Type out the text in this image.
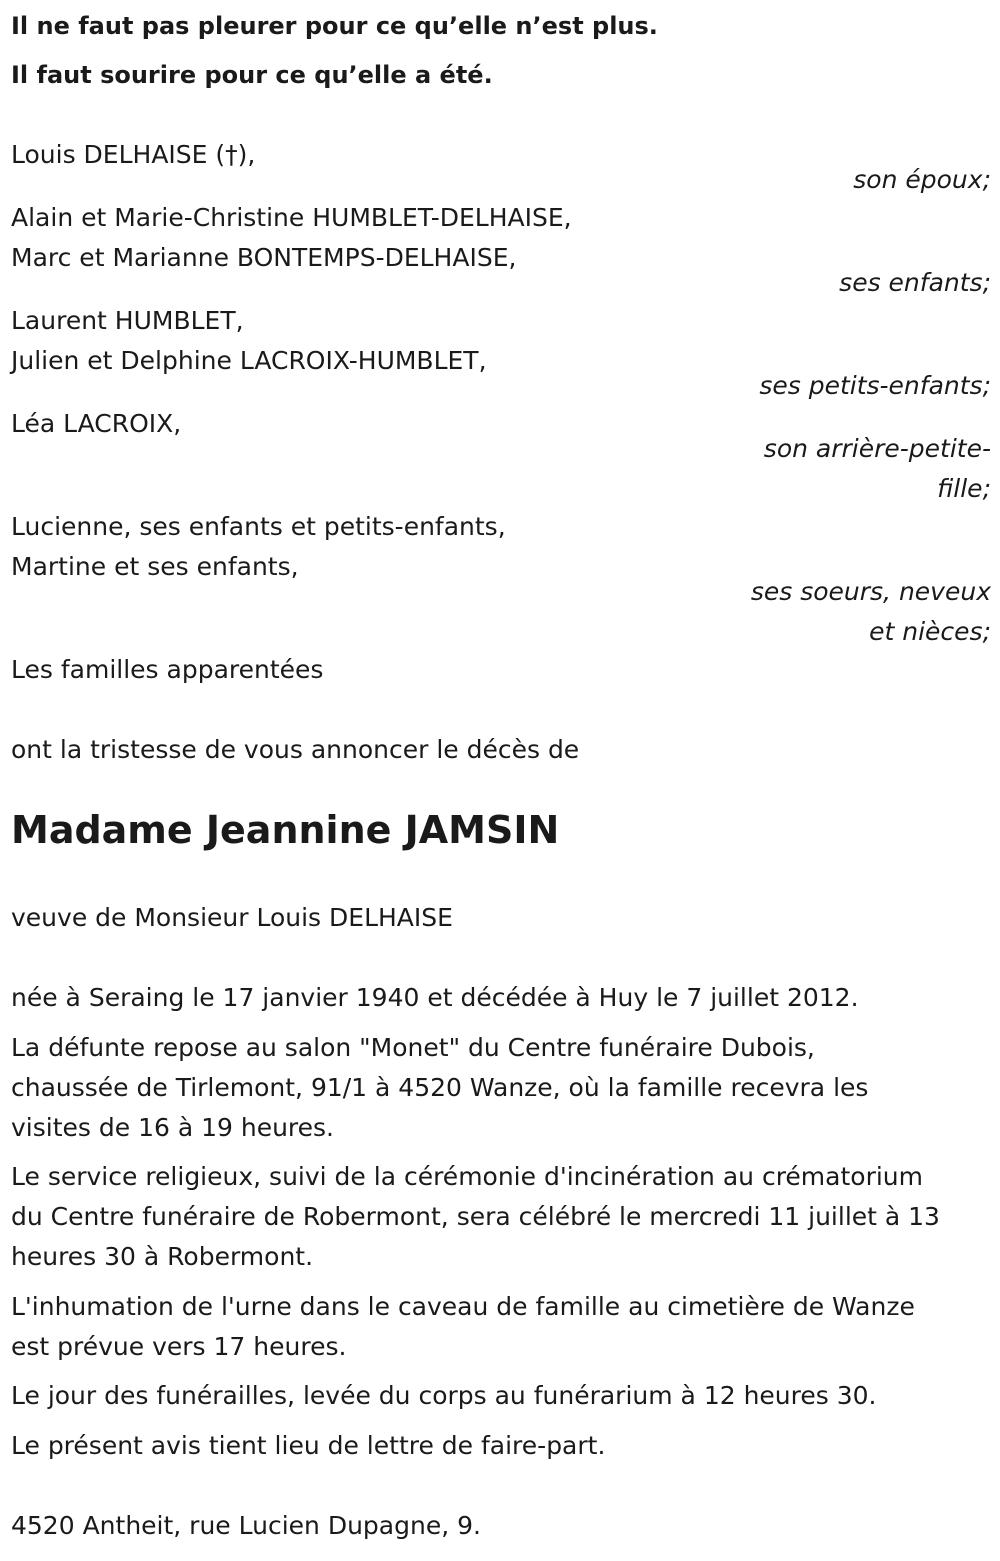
Il ne faut pas pleurer pour ce qu’elle n’est plus.
Il faut sourire pour ce qu’elle a été.
Louis DELHAISE (†),
son époux;
Alain et Marie-Christine HUMBLET-DELHAISE,
Marc et Marianne BONTEMPS-DELHAISE,
ses enfants;
Laurent HUMBLET,
Julien et Delphine LACROIX-HUMBLET,
ses petits-enfants;
Léa LACROIX,
son arrière-petite-
fille;
Lucienne, ses enfants et petits-enfants,
Martine et ses enfants,
ses soeurs, neveux
et nièces;
Les familles apparentées
ont la tristesse de vous annoncer le décès de
Madame Jeannine JAMSIN
veuve de Monsieur Louis DELHAISE
née à Seraing le 17 janvier 1940 et décédée à Huy le 7 juillet 2012.
La défunte repose au salon "Monet" du Centre funéraire Dubois,
chaussée de Tirlemont, 91/1 à 4520 Wanze, où la famille recevra les
visites de 16 à 19 heures.
Le service religieux, suivi de la cérémonie d'incinération au crématorium
du Centre funéraire de Robermont, sera célébré le mercredi 11 juillet à 13
heures 30 à Robermont.
L'inhumation de l'urne dans le caveau de famille au cimetière de Wanze
est prévue vers 17 heures.
Le jour des funérailles, levée du corps au funérarium à 12 heures 30.
Le présent avis tient lieu de lettre de faire-part.
4520 Antheit, rue Lucien Dupagne, 9.
